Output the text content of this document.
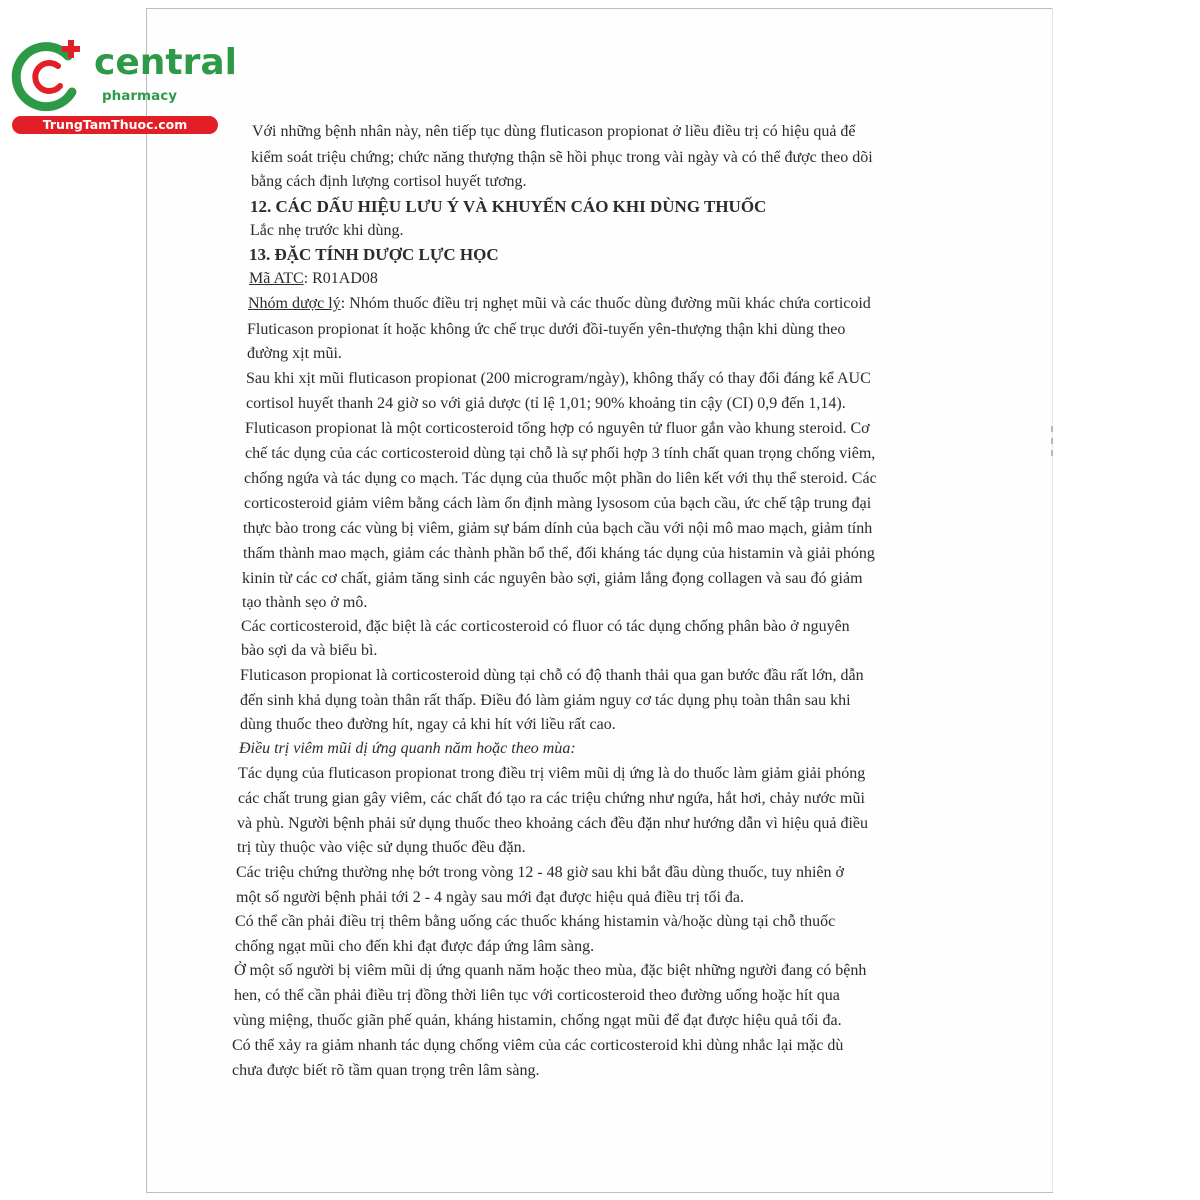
central
pharmacy
TrungTamThuoc.com	Với những bệnh nhân này, nên tiếp tục dùng fluticason propionat ở liều điều trị có hiệu quả để
kiểm soát triệu chứng; chức năng thượng thận sẽ hồi phục trong vài ngày và có thể được theo dõi
bằng cách định lượng cortisol huyết tương.
12. CÁC DẤU HIỆU LƯU Ý VÀ KHUYẾN CÁO KHI DÙNG THUỐC
Lắc nhẹ trước khi dùng.
13. ĐẶC TÍNH DƯỢC LỰC HỌC
Mã ATC: R01AD08
Nhóm dược lý: Nhóm thuốc điều trị nghẹt mũi và các thuốc dùng đường mũi khác chứa corticoid
Fluticason propionat ít hoặc không ức chế trục dưới đồi-tuyến yên-thượng thận khi dùng theo
đường xịt mũi.
Sau khi xịt mũi fluticason propionat (200 microgram/ngày), không thấy có thay đổi đáng kể AUC
cortisol huyết thanh 24 giờ so với giả dược (tỉ lệ 1,01; 90% khoảng tin cậy (CI) 0,9 đến 1,14).
Fluticason propionat là một corticosteroid tổng hợp có nguyên tử fluor gắn vào khung steroid. Cơ
chế tác dụng của các corticosteroid dùng tại chỗ là sự phối hợp 3 tính chất quan trọng chống viêm,
chống ngứa và tác dụng co mạch. Tác dụng của thuốc một phần do liên kết với thụ thể steroid. Các
corticosteroid giảm viêm bằng cách làm ổn định màng lysosom của bạch cầu, ức chế tập trung đại
thực bào trong các vùng bị viêm, giảm sự bám dính của bạch cầu với nội mô mao mạch, giảm tính
thấm thành mao mạch, giảm các thành phần bổ thể, đối kháng tác dụng của histamin và giải phóng
kinin từ các cơ chất, giảm tăng sinh các nguyên bào sợi, giảm lắng đọng collagen và sau đó giảm
tạo thành sẹo ở mô.
Các corticosteroid, đặc biệt là các corticosteroid có fluor có tác dụng chống phân bào ở nguyên
bào sợi da và biểu bì.
Fluticason propionat là corticosteroid dùng tại chỗ có độ thanh thải qua gan bước đầu rất lớn, dẫn
đến sinh khả dụng toàn thân rất thấp. Điều đó làm giảm nguy cơ tác dụng phụ toàn thân sau khi
dùng thuốc theo đường hít, ngay cả khi hít với liều rất cao.
Điều trị viêm mũi dị ứng quanh năm hoặc theo mùa:
Tác dụng của fluticason propionat trong điều trị viêm mũi dị ứng là do thuốc làm giảm giải phóng
các chất trung gian gây viêm, các chất đó tạo ra các triệu chứng như ngứa, hắt hơi, chảy nước mũi
và phù. Người bệnh phải sử dụng thuốc theo khoảng cách đều đặn như hướng dẫn vì hiệu quả điều
trị tùy thuộc vào việc sử dụng thuốc đều đặn.
Các triệu chứng thường nhẹ bớt trong vòng 12 - 48 giờ sau khi bắt đầu dùng thuốc, tuy nhiên ở
một số người bệnh phải tới 2 - 4 ngày sau mới đạt được hiệu quả điều trị tối đa.
Có thể cần phải điều trị thêm bằng uống các thuốc kháng histamin và/hoặc dùng tại chỗ thuốc
chống ngạt mũi cho đến khi đạt được đáp ứng lâm sàng.
Ở một số người bị viêm mũi dị ứng quanh năm hoặc theo mùa, đặc biệt những người đang có bệnh
hen, có thể cần phải điều trị đồng thời liên tục với corticosteroid theo đường uống hoặc hít qua
vùng miệng, thuốc giãn phế quản, kháng histamin, chống ngạt mũi để đạt được hiệu quả tối đa.
Có thể xảy ra giảm nhanh tác dụng chống viêm của các corticosteroid khi dùng nhắc lại mặc dù
chưa được biết rõ tầm quan trọng trên lâm sàng.
